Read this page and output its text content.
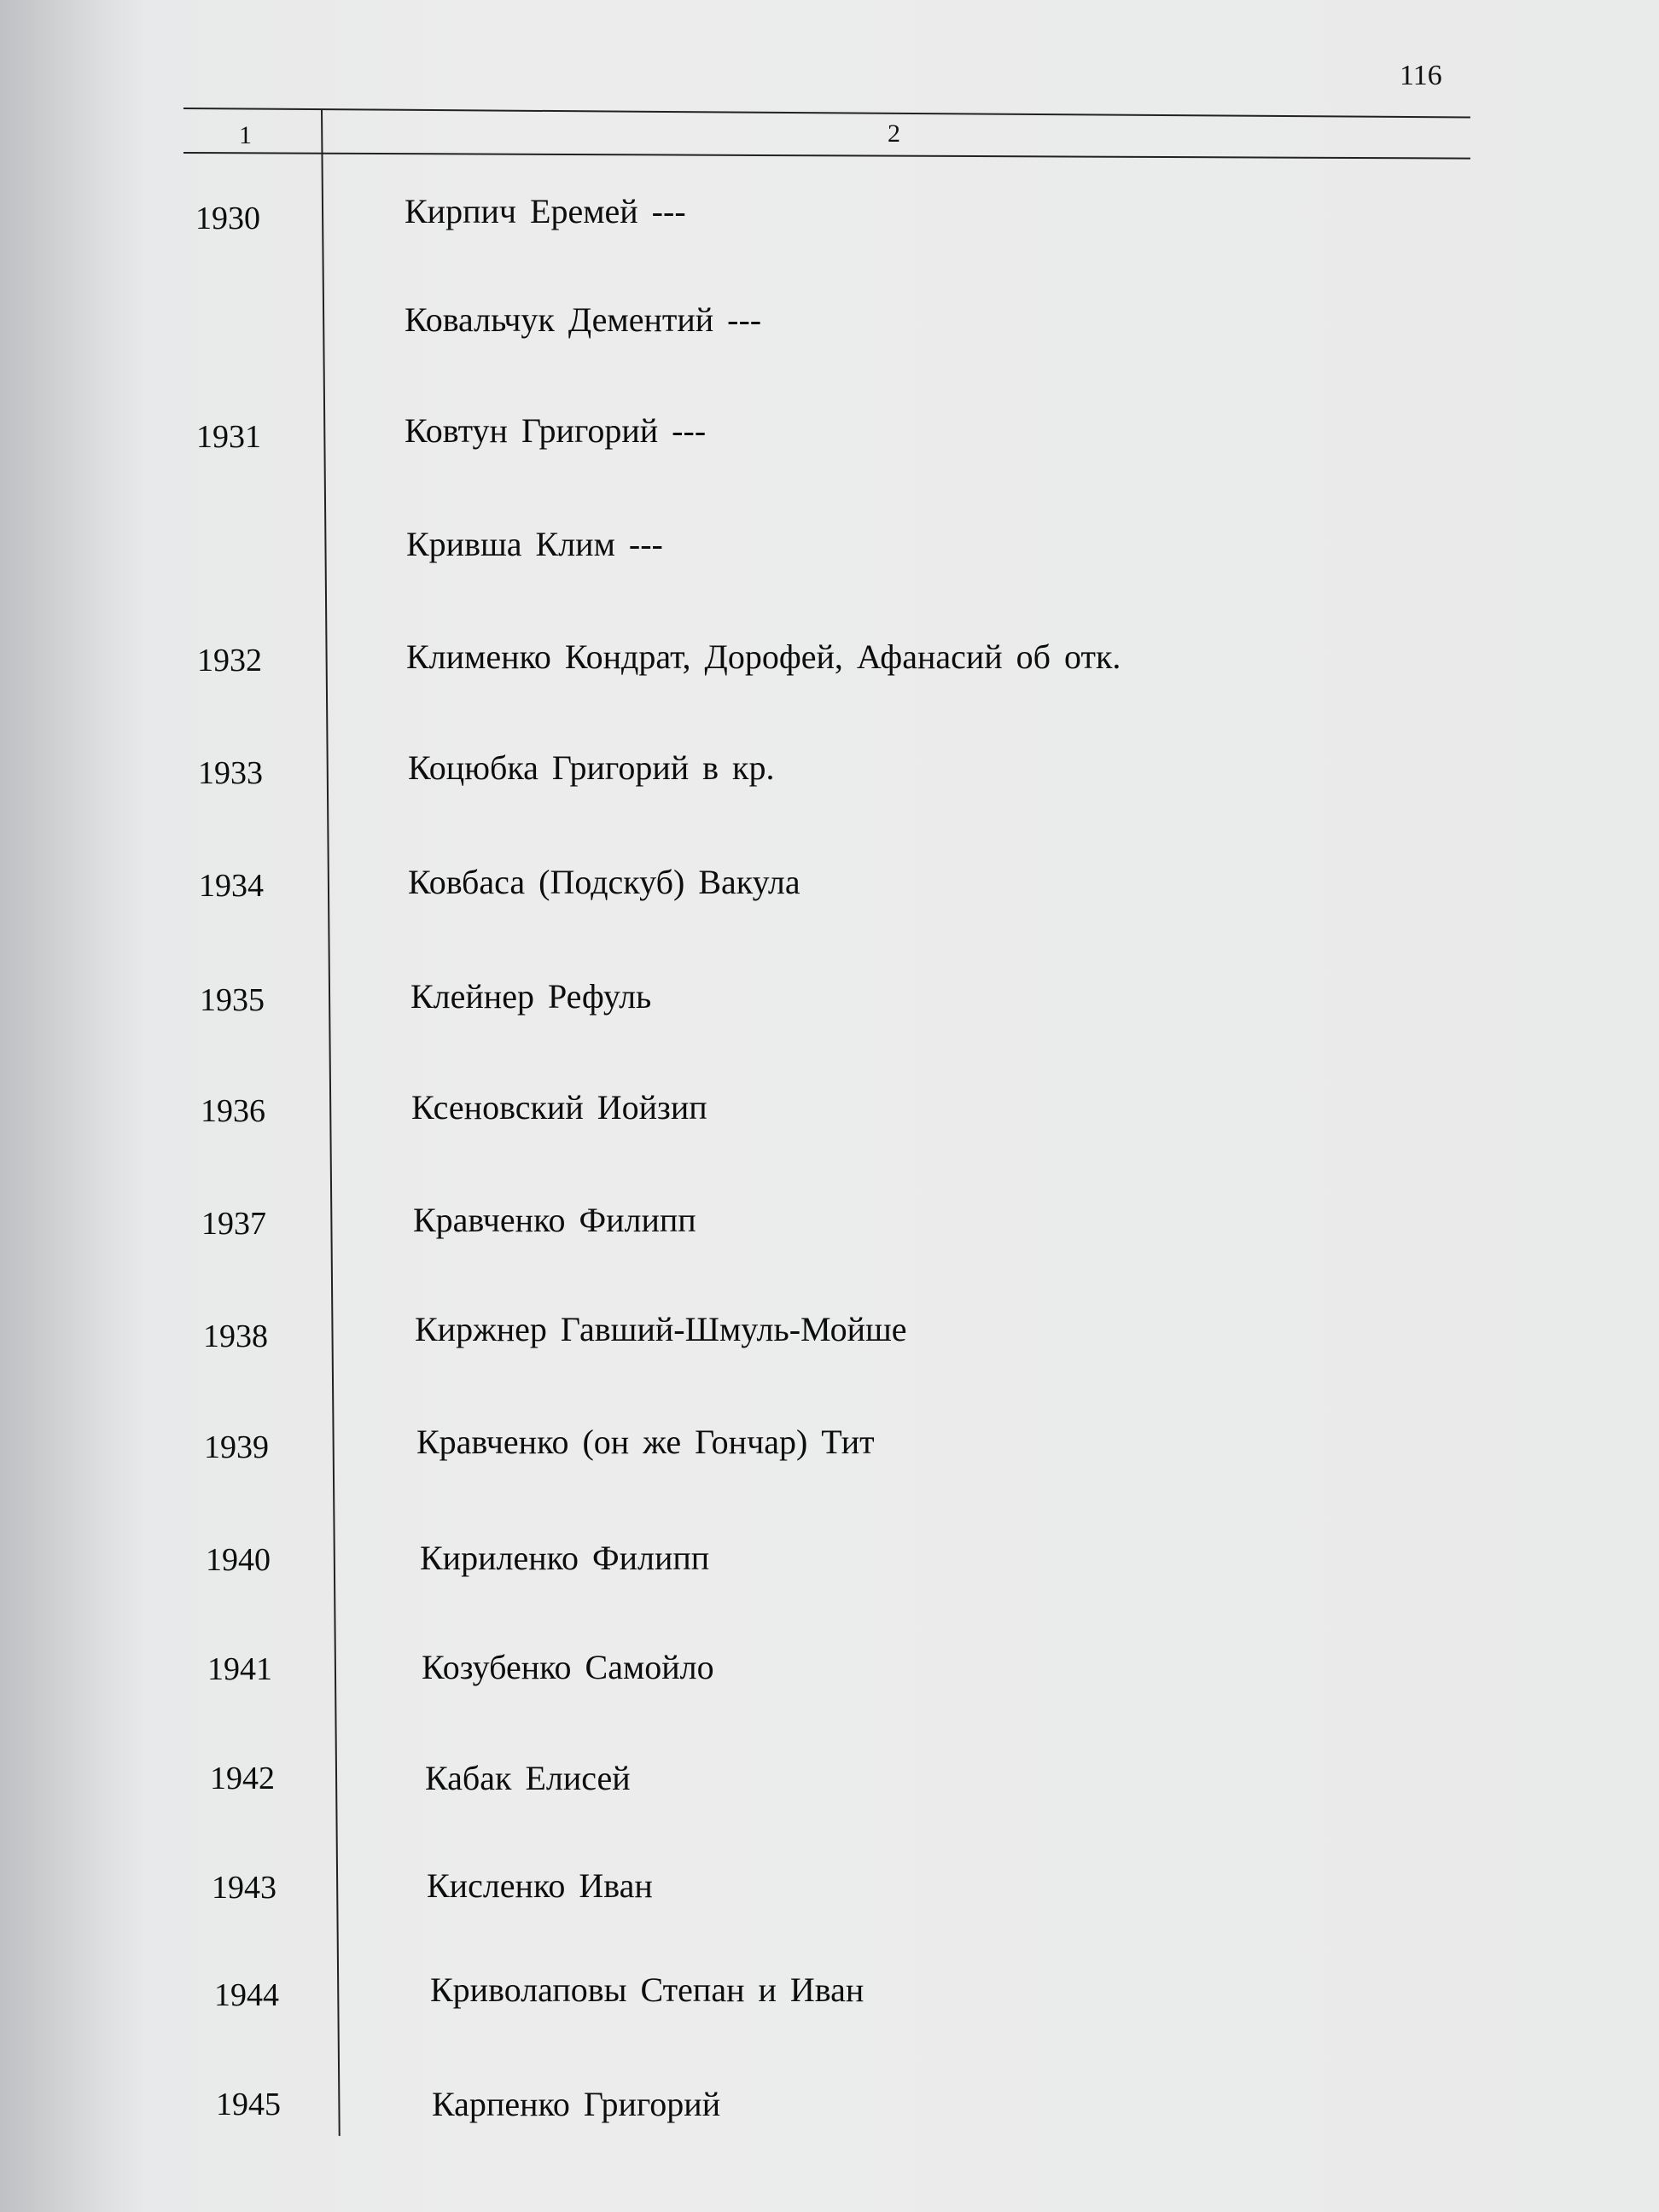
116
1	2
1930	Кирпич Еремей ---
Ковальчук Дементий ---
1931	Ковтун Григорий ---
Кривша Клим ---
1932	Клименко Кондрат, Дорофей, Афанасий об отк.
1933	Коцюбка Григорий в кр.
1934	Ковбаса (Подскуб) Вакула
1935	Клейнер Рефуль
1936	Ксеновский Иойзип
1937	Кравченко Филипп
1938	Киржнер Гавший-Шмуль-Мойше
1939	Кравченко (он же Гончар) Тит
1940	Кириленко Филипп
1941	Козубенко Самойло
1942	Кабак Елисей
1943	Кисленко Иван
1944	Криволаповы Степан и Иван
1945	Карпенко Григорий
